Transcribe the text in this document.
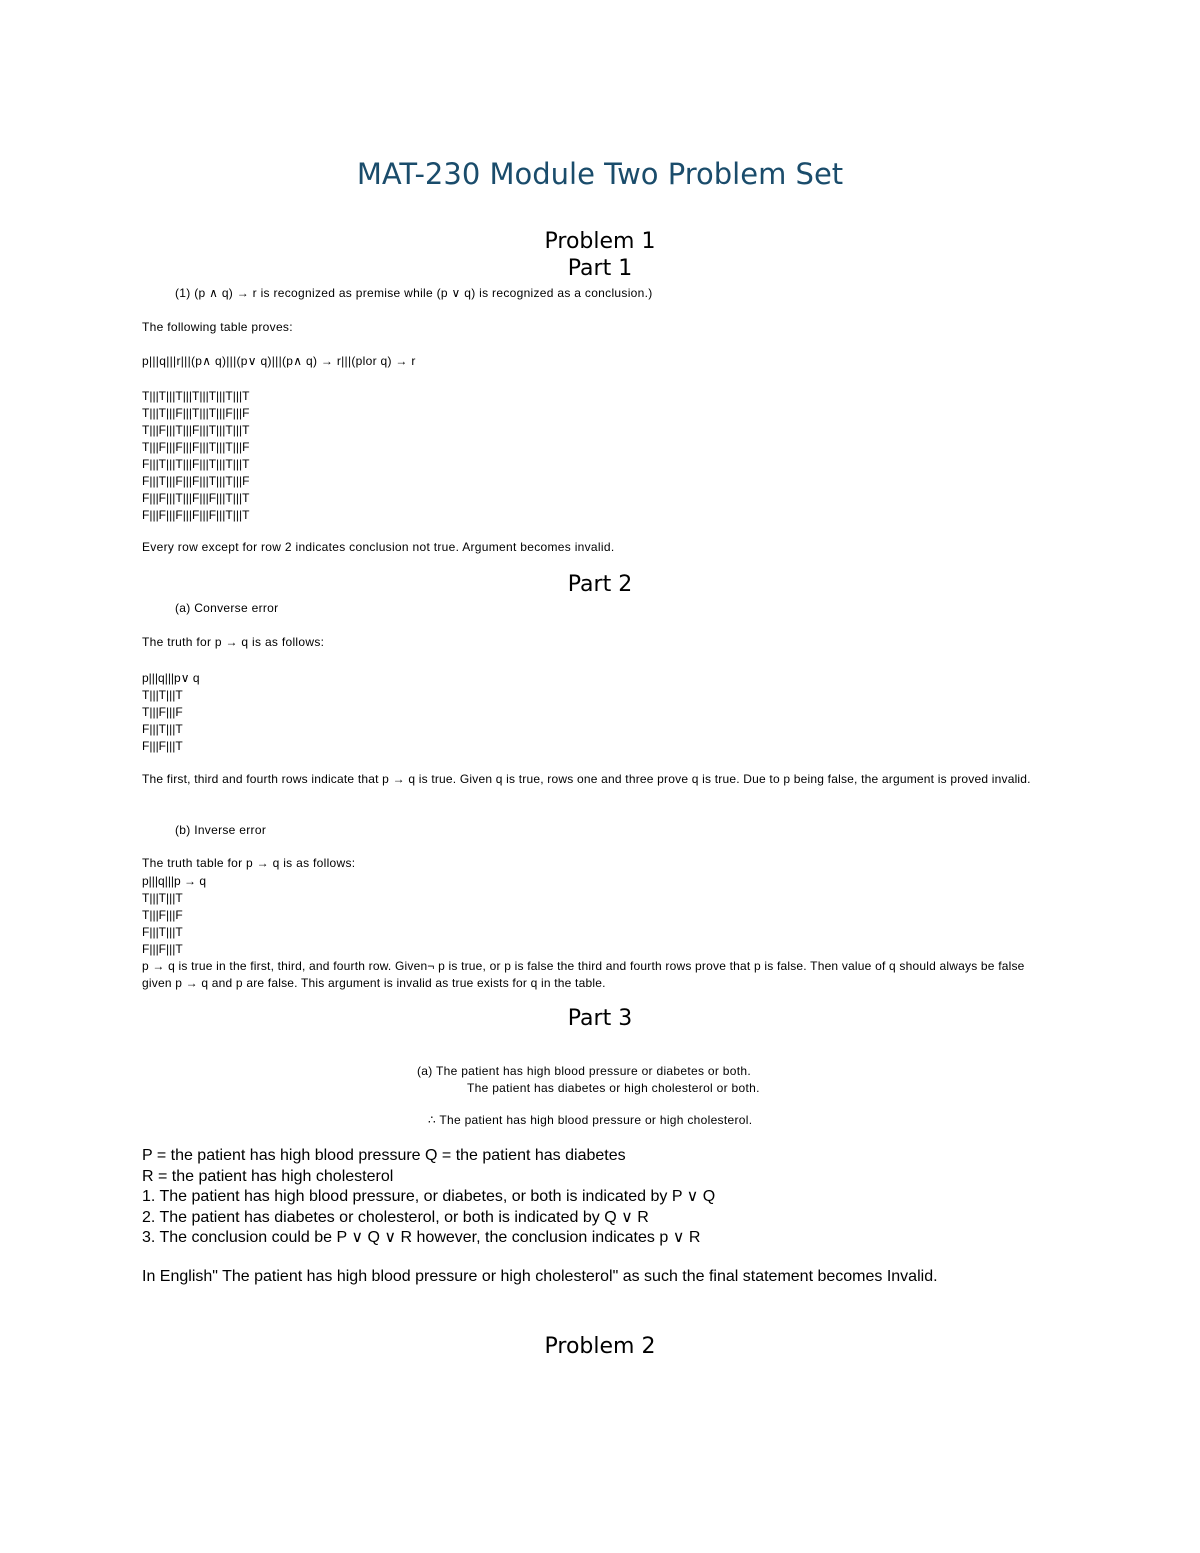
MAT-230 Module Two Problem Set
Problem 1
Part 1
(1) (p ∧ q) → r is recognized as premise while (p ∨ q) is recognized as a conclusion.)
The following table proves:
p|||q|||r|||(p∧ q)|||(p∨ q)|||(p∧ q) → r|||(plor q) → r
T|||T|||T|||T|||T|||T|||T
T|||T|||F|||T|||T|||F|||F
T|||F|||T|||F|||T|||T|||T
T|||F|||F|||F|||T|||T|||F
F|||T|||T|||F|||T|||T|||T
F|||T|||F|||F|||T|||T|||F
F|||F|||T|||F|||F|||T|||T
F|||F|||F|||F|||F|||T|||T
Every row except for row 2 indicates conclusion not true. Argument becomes invalid.
Part 2
(a) Converse error
The truth for p → q is as follows:
p|||q|||p∨ q
T|||T|||T
T|||F|||F
F|||T|||T
F|||F|||T
The first, third and fourth rows indicate that p → q is true. Given q is true, rows one and three prove q is true. Due to p being false, the argument is proved invalid.
(b) Inverse error
The truth table for p → q is as follows:
p|||q|||p → q
T|||T|||T
T|||F|||F
F|||T|||T
F|||F|||T
p → q is true in the first, third, and fourth row. Given¬ p is true, or p is false the third and fourth rows prove that p is false. Then value of q should always be false given p → q and p are false. This argument is invalid as true exists for q in the table.
Part 3
(a) The patient has high blood pressure or diabetes or both.
The patient has diabetes or high cholesterol or both.
∴ The patient has high blood pressure or high cholesterol.
P = the patient has high blood pressure Q = the patient has diabetes
R = the patient has high cholesterol
1. The patient has high blood pressure, or diabetes, or both is indicated by P ∨ Q
2. The patient has diabetes or cholesterol, or both is indicated by Q ∨ R
3. The conclusion could be P ∨ Q ∨ R however, the conclusion indicates p ∨ R
In English" The patient has high blood pressure or high cholesterol" as such the final statement becomes Invalid.
Problem 2
